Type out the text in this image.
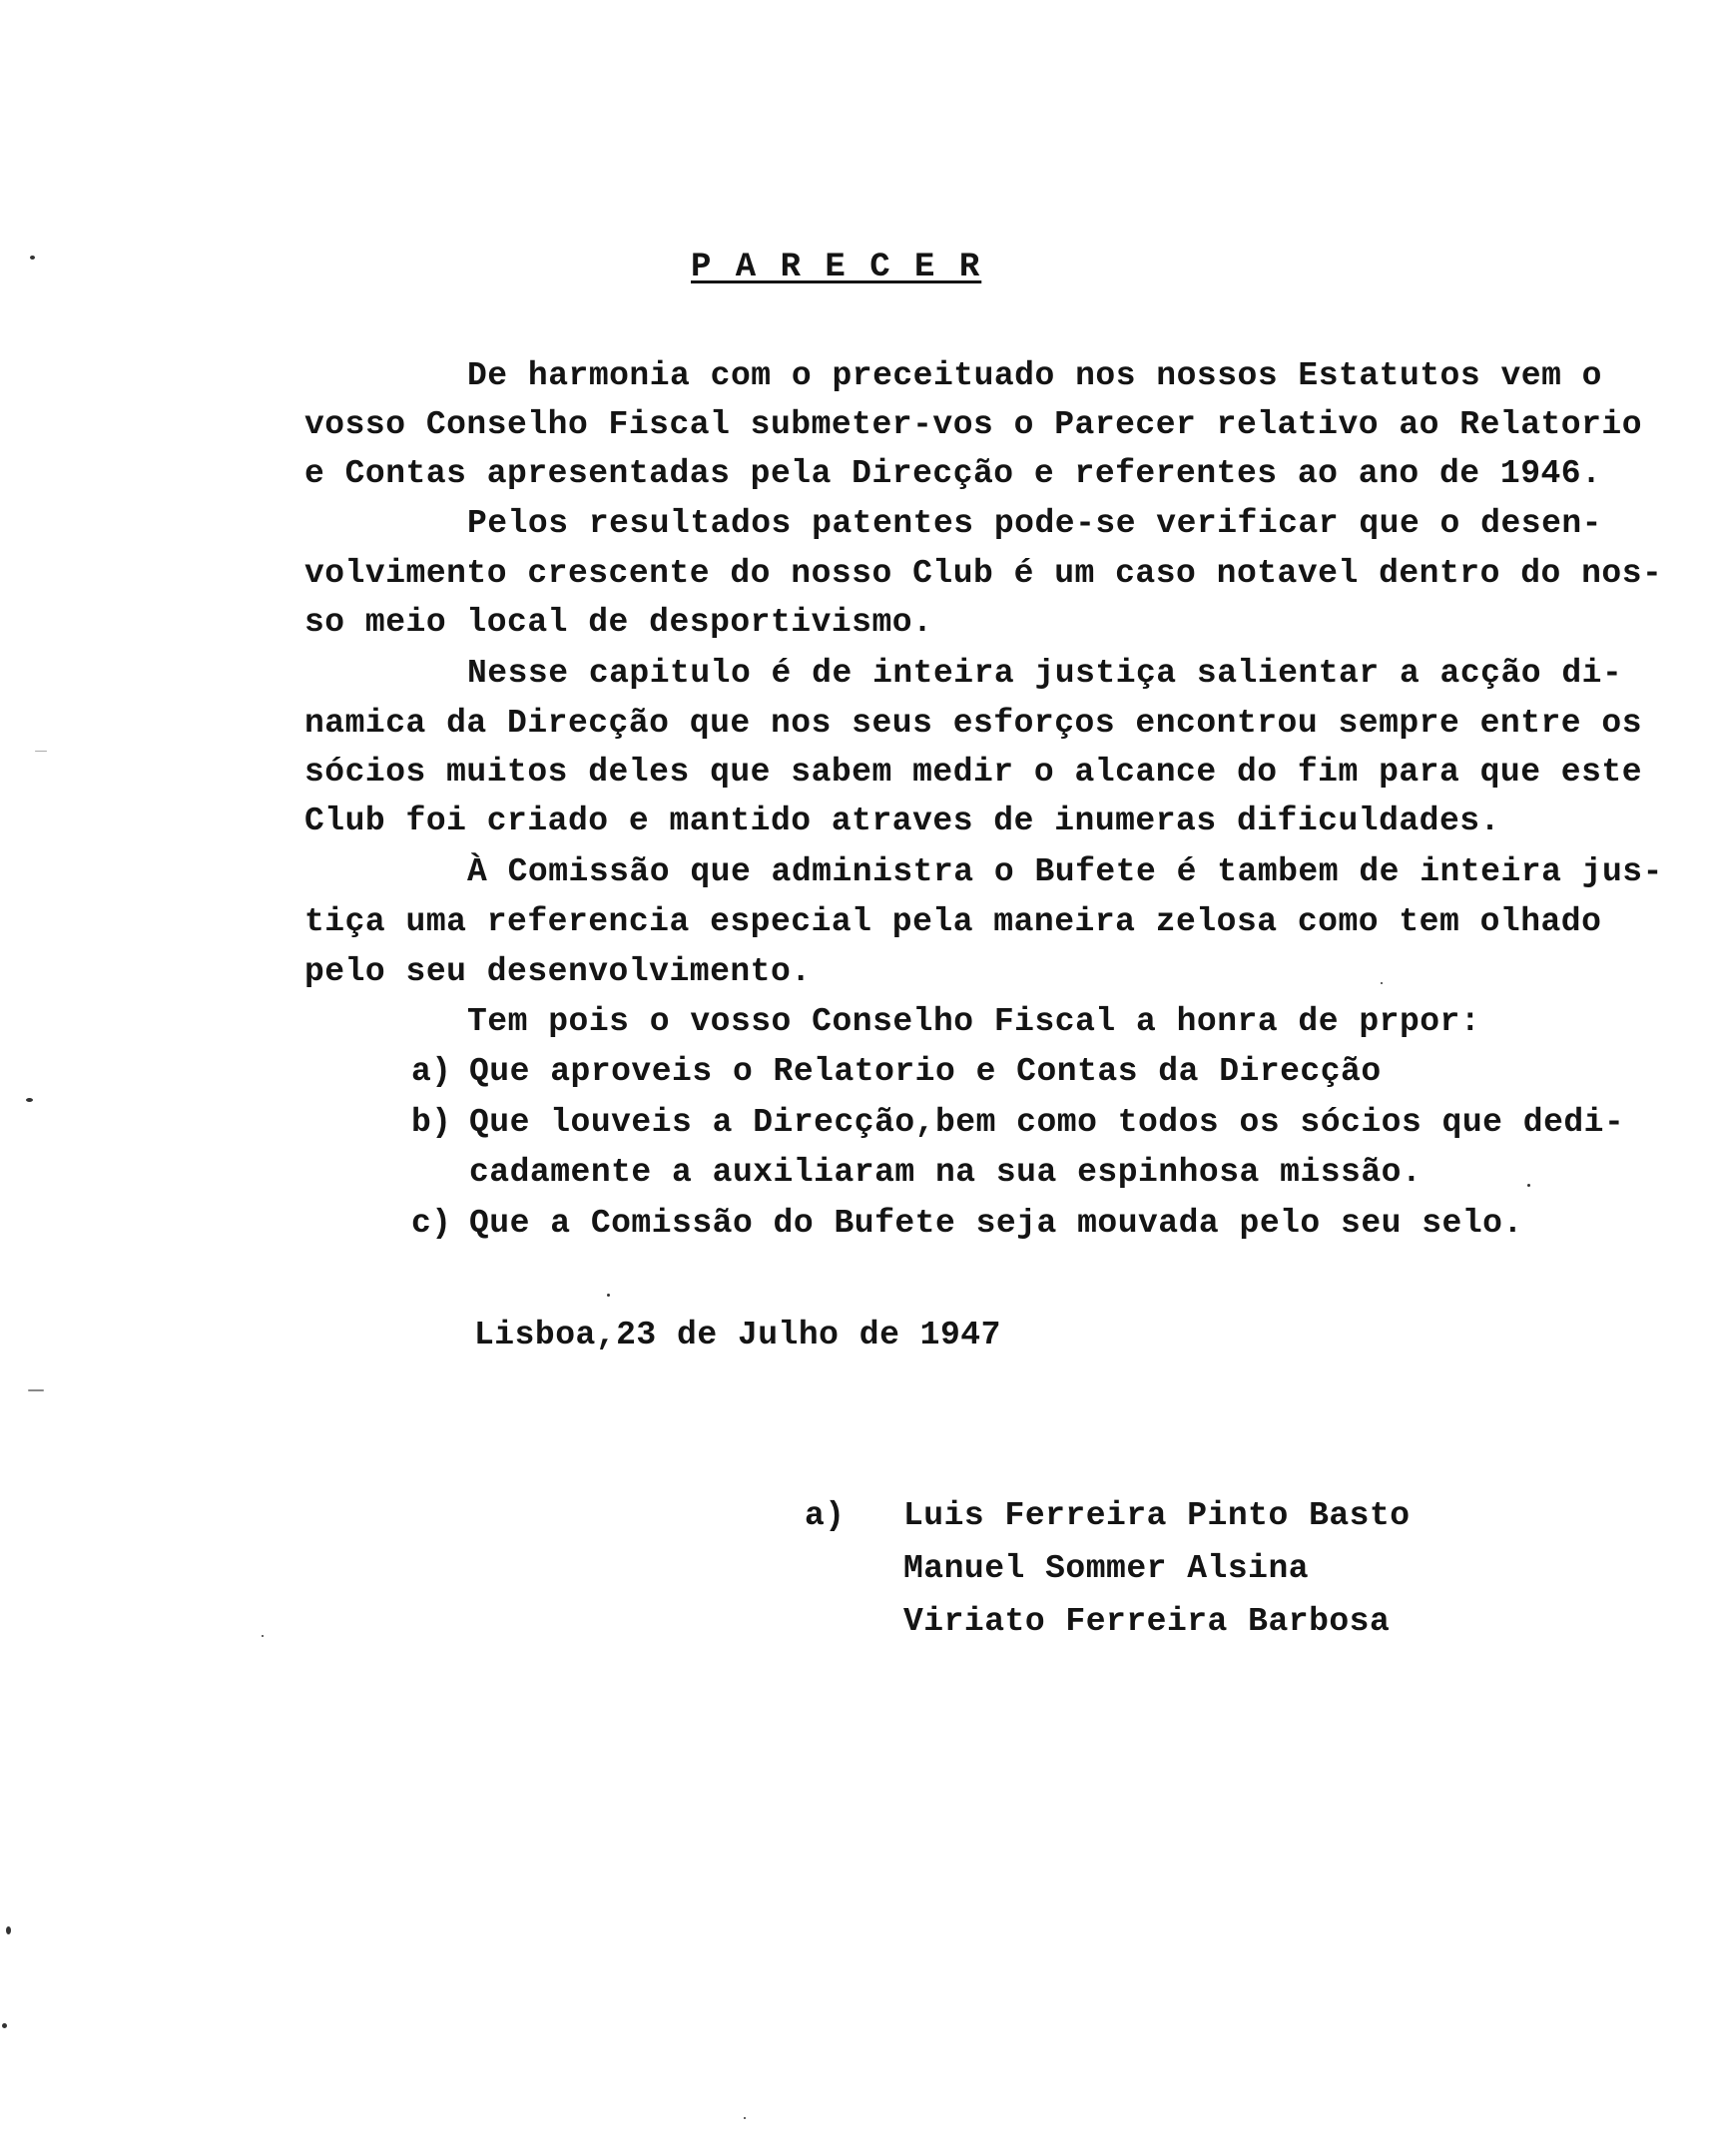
P A R E C E R
De harmonia com o preceituado nos nossos Estatutos vem o
vosso Conselho Fiscal submeter-vos o Parecer relativo ao Relatorio
e Contas apresentadas pela Direcção e referentes ao ano de 1946.
Pelos resultados patentes pode-se verificar que o desen-
volvimento crescente do nosso Club é um caso notavel dentro do nos-
so meio local de desportivismo.
Nesse capitulo é de inteira justiça salientar a acção di-
namica da Direcção que nos seus esforços encontrou sempre entre os
sócios muitos deles que sabem medir o alcance do fim para que este
Club foi criado e mantido atraves de inumeras dificuldades.
À Comissão que administra o Bufete é tambem de inteira jus-
tiça uma referencia especial pela maneira zelosa como tem olhado
pelo seu desenvolvimento.
Tem pois o vosso Conselho Fiscal a honra de prpor:
a) Que aproveis o Relatorio e Contas da Direcção
b) Que louveis a Direcção,bem como todos os sócios que dedi-
cadamente a auxiliaram na sua espinhosa missão.
c) Que a Comissão do Bufete seja mouvada pelo seu selo.
Lisboa,23 de Julho de 1947
a) Luis Ferreira Pinto Basto
Manuel Sommer Alsina
Viriato Ferreira Barbosa
